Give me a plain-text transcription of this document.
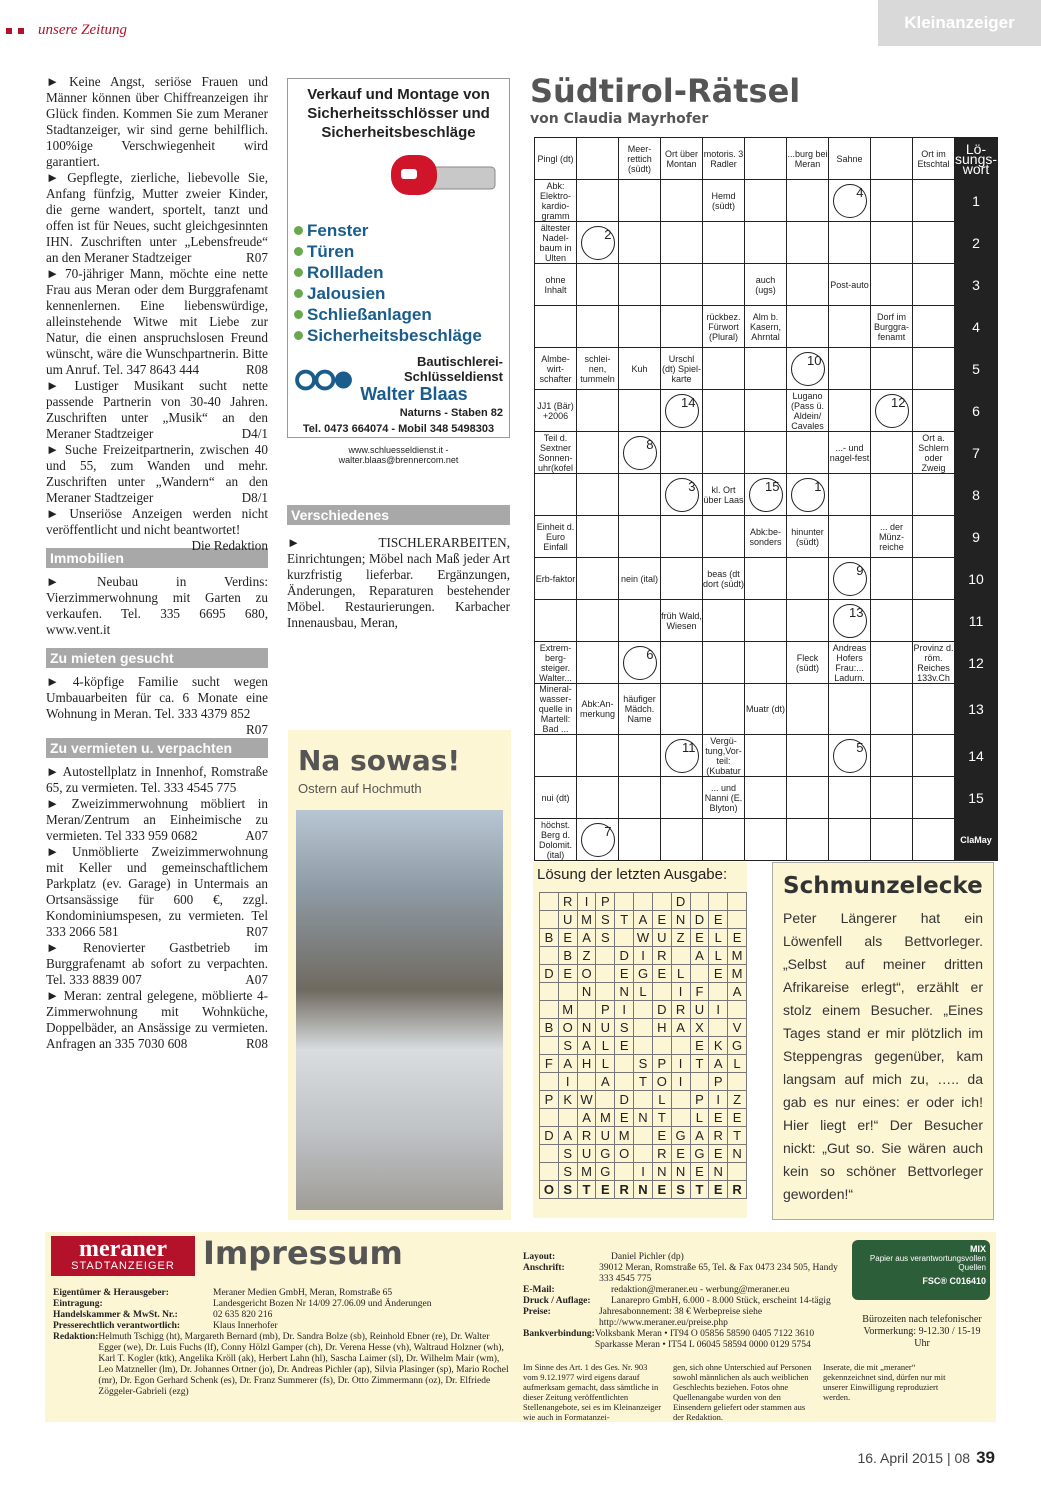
Kleinanzeiger
unsere Zeitung

► Keine Angst, seriöse Frauen und Männer können über Chiffreanzeigen ihr Glück finden. Kommen Sie zum Meraner Stadtanzeiger, wir sind gerne behilflich. 100%ige Verschwiegenheit wird garantiert.

► Gepflegte, zierliche, liebevolle Sie, Anfang fünfzig, Mutter zweier Kinder, die gerne wandert, sportelt, tanzt und offen ist für Neues, sucht gleichgesinnten IHN. Zuschriften unter „Lebensfreude“ an den Meraner Stadtzeiger	R07

► 70-jähriger Mann, möchte eine nette Frau aus Meran oder dem Burggrafenamt kennenlernen. Eine liebenswürdige, alleinstehende Witwe mit Liebe zur Natur, die einen anspruchslosen Freund wünscht, wäre die Wunschpartnerin. Bitte um Anruf. Tel. 347 8643 444	R08

► Lustiger Musikant sucht nette passende Partnerin von 30-40 Jahren. Zuschriften unter „Musik“ an den Meraner Stadtzeiger	D4/1

► Suche Freizeitpartnerin, zwischen 40 und 55, zum Wanden und mehr. Zuschriften unter „Wandern“ an den Meraner Stadtzeiger	D8/1

► Unseriöse Anzeigen werden nicht veröffentlicht und nicht beantwortet!
Die Redaktion

Immobilien

► Neubau in Verdins: Vierzimmerwohnung mit Garten zu verkaufen. Tel. 335 6695 680, www.vent.it

Zu mieten gesucht

► 4-köpfige Familie sucht wegen Umbauarbeiten für ca. 6 Monate eine Wohnung in Meran. Tel. 333 4379 852
R07

Zu vermieten u. verpachten

► Autostellplatz in Innenhof, Romstraße 65, zu vermieten. Tel. 333 4545 775

► Zweizimmerwohnung möbliert in Meran/Zentrum an Einheimische zu vermieten. Tel 333 959 0682	A07

► Unmöblierte Zweizimmerwohnung mit Keller und gemeinschaftlichem Parkplatz (ev. Garage) in Untermais an Ortsansässige für 600 €, zzgl. Kondominiumspesen, zu vermieten. Tel 333 2066 581	R07

► Renovierter Gastbetrieb im Burggrafenamt ab sofort zu verpachten. Tel. 333 8839 007	A07

► Meran: zentral gelegene, möblierte 4-Zimmerwohnung mit Wohnküche, Doppelbäder, an Ansässige zu vermieten. Anfragen an 335 7030 608	R08

Verkauf und Montage von Sicherheitsschlösser und Sicherheitsbeschläge
Fenster
Türen
Rollladen
Jalousien
Schließanlagen
Sicherheitsbeschläge
Bautischlerei-Schlüsseldienst
Walter Blaas
Naturns - Staben 82
Tel. 0473 664074 - Mobil 348 5498303
www.schluesseldienst.it - walter.blaas@brennercom.net
Verschiedenes

► TISCHLERARBEITEN, Einrichtungen; Möbel nach Maß jeder Art kurzfristig lieferbar. Ergänzungen, Änderungen, Reparaturen bestehender Möbel. Restaurierungen. Karbacher Innenausbau, Meran,

Na sowas!
Ostern auf Hochmuth
Südtirol-Rätsel
von Claudia Mayrhofer
Pingl (dt)		Meer-rettich (südt)	Ort über Montan	motoris. 3 Radler		...burg bei Meran	Sahne		Ort im Etschtal	Lö-sungs-wort
Abk: Elektro-kardio-gramm				Hemd (südt)			4			1
ältester Nadel-baum in Ulten	2									2
ohne Inhalt					auch (ugs)		Post-auto			3
				rückbez. Fürwort (Plural)	Alm b. Kasern, Ahrntal			Dorf im Burggra-fenamt		4
Almbe-wirt-schafter	schlei-nen, tummeln	Kuh	Urschl (dt) Spiel-karte			10				5
JJ1 (Bär) +2006			14			Lugano (Pass ü. Aldein/ Cavales		12		6
Teil d. Sextner Sonnen-uhr(kofel		8					...- und nagel-fest		Ort a. Schlern oder Zweig	7
			3	kl. Ort über Laas	15	1				8
Einheit d. Euro Einfall					Abk:be-sonders	hinunter (südt)		... der Münz-reiche		9
Erb-faktor		nein (ital)		beas (dt dort (südt)			9			10
			früh Wald, Wiesen				13			11
Extrem-berg-steiger. Walter...		6				Fleck (südt)	Andreas Hofers Frau:... Ladurn.		Provinz d. röm. Reiches 133v.Ch	12
Mineral-wasser-quelle in Martell: Bad ...	Abk:An-merkung	häufiger Mädch. Name			Muatr (dt)					13
			11	Vergü-tung,Vor-teil: (Kubatur			5			14
nui (dt)				... und Nanni (E. Blyton)						15
höchst. Berg d. Dolomit. (ital)	7									ClaMay
Lösung der letzten Ausgabe:
	R	I	P				D			
	U	M	S	T	A	E	N	D	E	
B	E	A	S		W	U	Z	E	L	E
	B	Z		D	I	R		A	L	M
D	E	O		E	G	E	L		E	M
		N		N	L		I	F		A
	M		P	I		D	R	U	I	
B	O	N	U	S		H	A	X		V
	S	A	L	E				E	K	G
F	A	H	L		S	P	I	T	A	L
	I		A		T	O	I		P	
P	K	W		D		L		P	I	Z
		A	M	E	N	T		L	E	E
D	A	R	U	M		E	G	A	R	T
	S	U	G	O		R	E	G	E	N
	S	M	G		I	N	N	E	N	
O	S	T	E	R	N	E	S	T	E	R
Schmunzelecke

Peter Längerer hat ein Löwenfell als Bettvorleger. „Selbst auf meiner dritten Afrikareise erlegt“, erzählt er stolz einem Besucher. „Eines Tages stand er mir plötzlich im Steppengras gegenüber, kam langsam auf mich zu, ….. da gab es nur eines: er oder ich! Hier liegt er!“ Der Besucher nickt: „Gut so. Sie wären auch kein so schöner Bettvorleger geworden!“

meraner
STADTANZEIGER Impressum
Eigentümer & Herausgeber:	Meraner Medien GmbH, Meran, Romstraße 65
Eintragung:	Landesgericht Bozen Nr 14/09 27.06.09 und Änderungen
Handelskammer & MwSt. Nr.:	02 635 820 216
Presserechtlich verantwortlich:	Klaus Innerhofer
Redaktion: Helmuth Tschigg (ht), Margareth Bernard (mb), Dr. Sandra Bolze (sb), Reinhold Ebner (re), Dr. Walter Egger (we), Dr. Luis Fuchs (lf), Conny Hölzl Gamper (ch), Dr. Verena Hesse (vh), Waltraud Holzner (wh), Karl T. Kogler (ktk), Angelika Kröll (ak), Herbert Lahn (hl), Sascha Laimer (sl), Dr. Wilhelm Mair (wm), Leo Matzneller (lm), Dr. Johannes Ortner (jo), Dr. Andreas Pichler (ap), Silvia Plasinger (sp), Mario Rochel (mr), Dr. Egon Gerhard Schenk (es), Dr. Franz Summerer (fs), Dr. Otto Zimmermann (oz), Dr. Elfriede Zöggeler-Gabrieli (ezg)
Layout:	Daniel Pichler (dp)
Anschrift:	39012 Meran, Romstraße 65, Tel. & Fax 0473 234 505, Handy 333 4545 775
E-Mail:	redaktion@meraner.eu - werbung@meraner.eu
Druck / Auflage:	Lanarepro GmbH, 6.000 - 8.000 Stück, erscheint 14-tägig
Preise:	Jahresabonnement: 38 € Werbepreise siehe http://www.meraner.eu/preise.php
Bankverbindung: Volksbank Meran • IT94 O 05856 58590 0405 7122 3610 Sparkasse Meran • IT54 L 06045 58594 0000 0129 5754
Im Sinne des Art. 1 des Ges. Nr. 903 vom 9.12.1977 wird eigens darauf aufmerksam gemacht, dass sämtliche in dieser Zeitung veröffentlichten Stellenangebote, sei es im Kleinanzeiger wie auch in Formatanzei-
gen, sich ohne Unterschied auf Personen sowohl männlichen als auch weiblichen Geschlechts beziehen. Fotos ohne Quellenangabe wurden von den Einsendern geliefert oder stammen aus der Redaktion.
Inserate, die mit „meraner“ gekennzeichnet sind, dürfen nur mit unserer Einwilligung reproduziert werden.
MIX
Papier aus verantwortungsvollen Quellen
FSC® C016410
Bürozeiten nach telefonischer Vormerkung: 9-12.30 / 15-19 Uhr
16. April 2015 | 08 39
